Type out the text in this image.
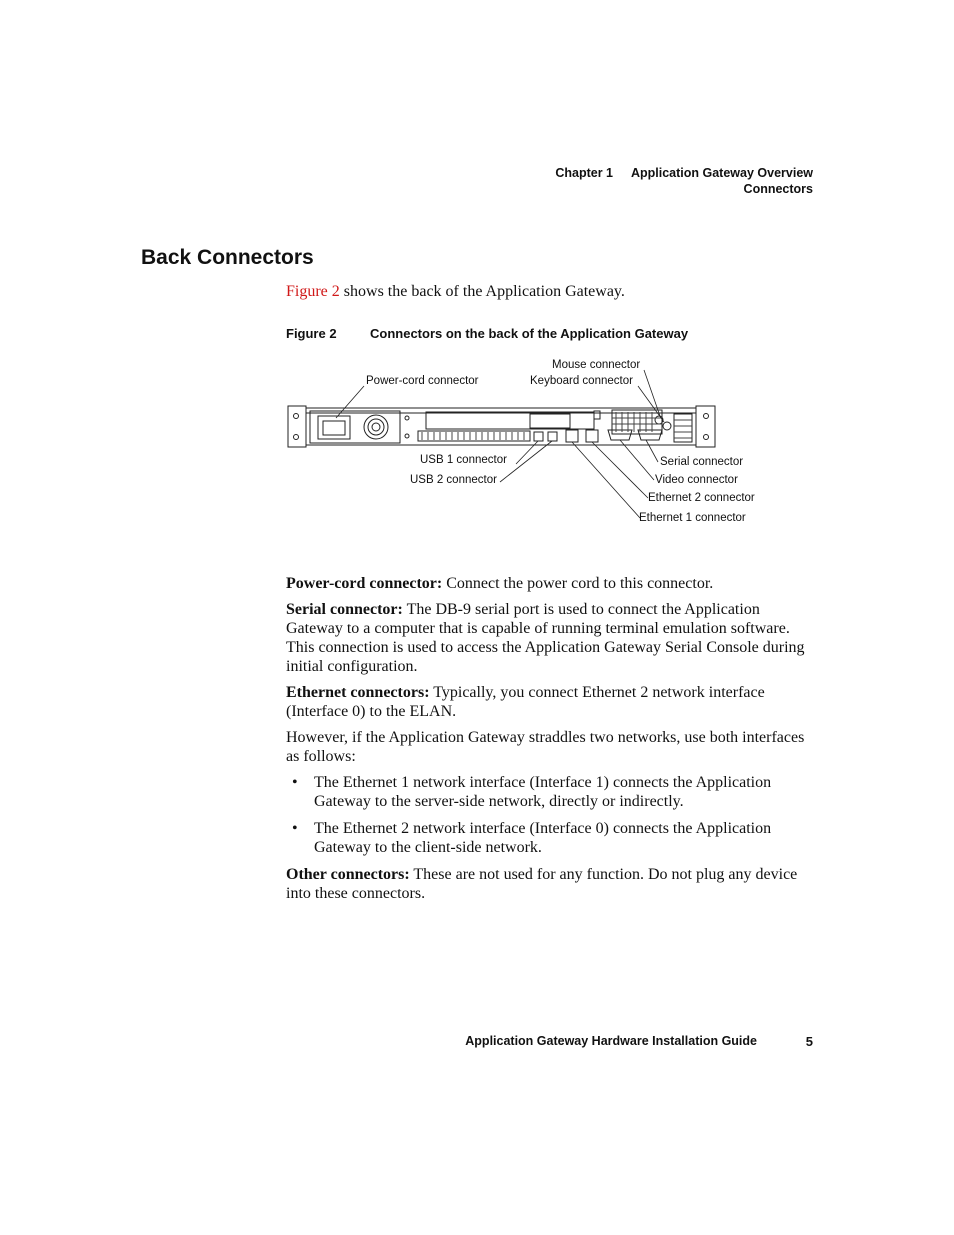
Chapter 1 Application Gateway Overview
Connectors
Back Connectors

Figure 2 shows the back of the Application Gateway.

Figure 2	Connectors on the back of the Application Gateway
Mouse connector
Power-cord connector	Keyboard connector
USB 1 connector
USB 2 connector
Serial connector
Video connector
Ethernet 2 connector
Ethernet 1 connector

Power-cord connector: Connect the power cord to this connector.

Serial connector: The DB-9 serial port is used to connect the Application Gateway to a computer that is capable of running terminal emulation software. This connection is used to access the Application Gateway Serial Console during initial configuration.

Ethernet connectors: Typically, you connect Ethernet 2 network interface (Interface 0) to the ELAN.

However, if the Application Gateway straddles two networks, use both interfaces as follows:

• The Ethernet 1 network interface (Interface 1) connects the Application Gateway to the server-side network, directly or indirectly.
• The Ethernet 2 network interface (Interface 0) connects the Application Gateway to the client-side network.

Other connectors: These are not used for any function. Do not plug any device into these connectors.

Application Gateway Hardware Installation Guide	5
